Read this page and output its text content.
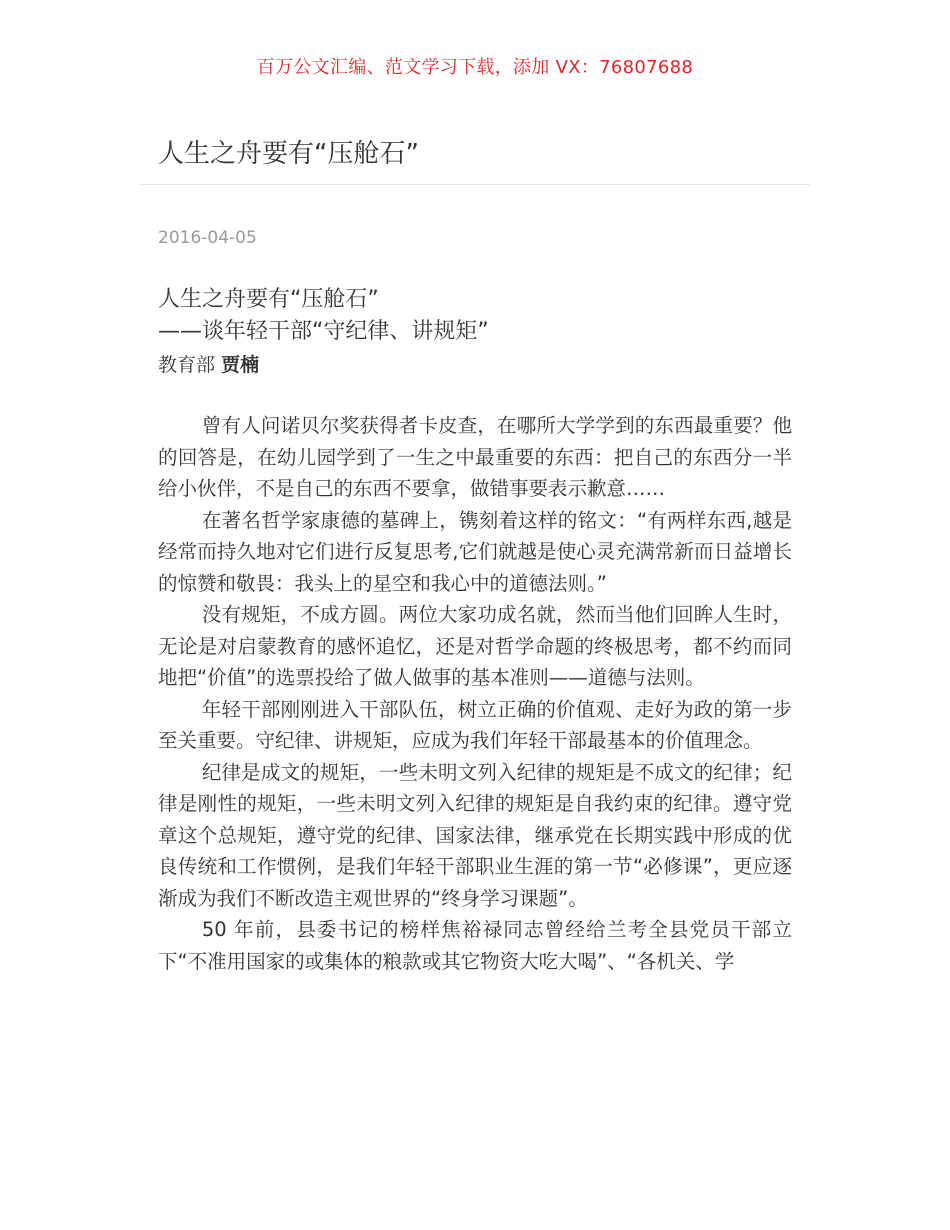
百万公文汇编、范文学习下载，添加 VX：76807688
人生之舟要有“压舱石”
2016-04-05
人生之舟要有“压舱石”
——谈年轻干部“守纪律、讲规矩”
教育部 贾楠

曾有人问诺贝尔奖获得者卡皮查，在哪所大学学到的东西最重要？他的回答是，在幼儿园学到了一生之中最重要的东西：把自己的东西分一半给小伙伴，不是自己的东西不要拿，做错事要表示歉意……

在著名哲学家康德的墓碑上，镌刻着这样的铭文：“有两样东西,越是经常而持久地对它们进行反复思考,它们就越是使心灵充满常新而日益增长的惊赞和敬畏：我头上的星空和我心中的道德法则。”

没有规矩，不成方圆。两位大家功成名就，然而当他们回眸人生时，无论是对启蒙教育的感怀追忆，还是对哲学命题的终极思考，都不约而同地把“价值”的选票投给了做人做事的基本准则——道德与法则。

年轻干部刚刚进入干部队伍，树立正确的价值观、走好为政的第一步至关重要。守纪律、讲规矩，应成为我们年轻干部最基本的价值理念。

纪律是成文的规矩，一些未明文列入纪律的规矩是不成文的纪律；纪律是刚性的规矩，一些未明文列入纪律的规矩是自我约束的纪律。遵守党章这个总规矩，遵守党的纪律、国家法律，继承党在长期实践中形成的优良传统和工作惯例，是我们年轻干部职业生涯的第一节“必修课”，更应逐渐成为我们不断改造主观世界的“终身学习课题”。

50 年前，县委书记的榜样焦裕禄同志曾经给兰考全县党员干部立下“不准用国家的或集体的粮款或其它物资大吃大喝”、“各机关、学
